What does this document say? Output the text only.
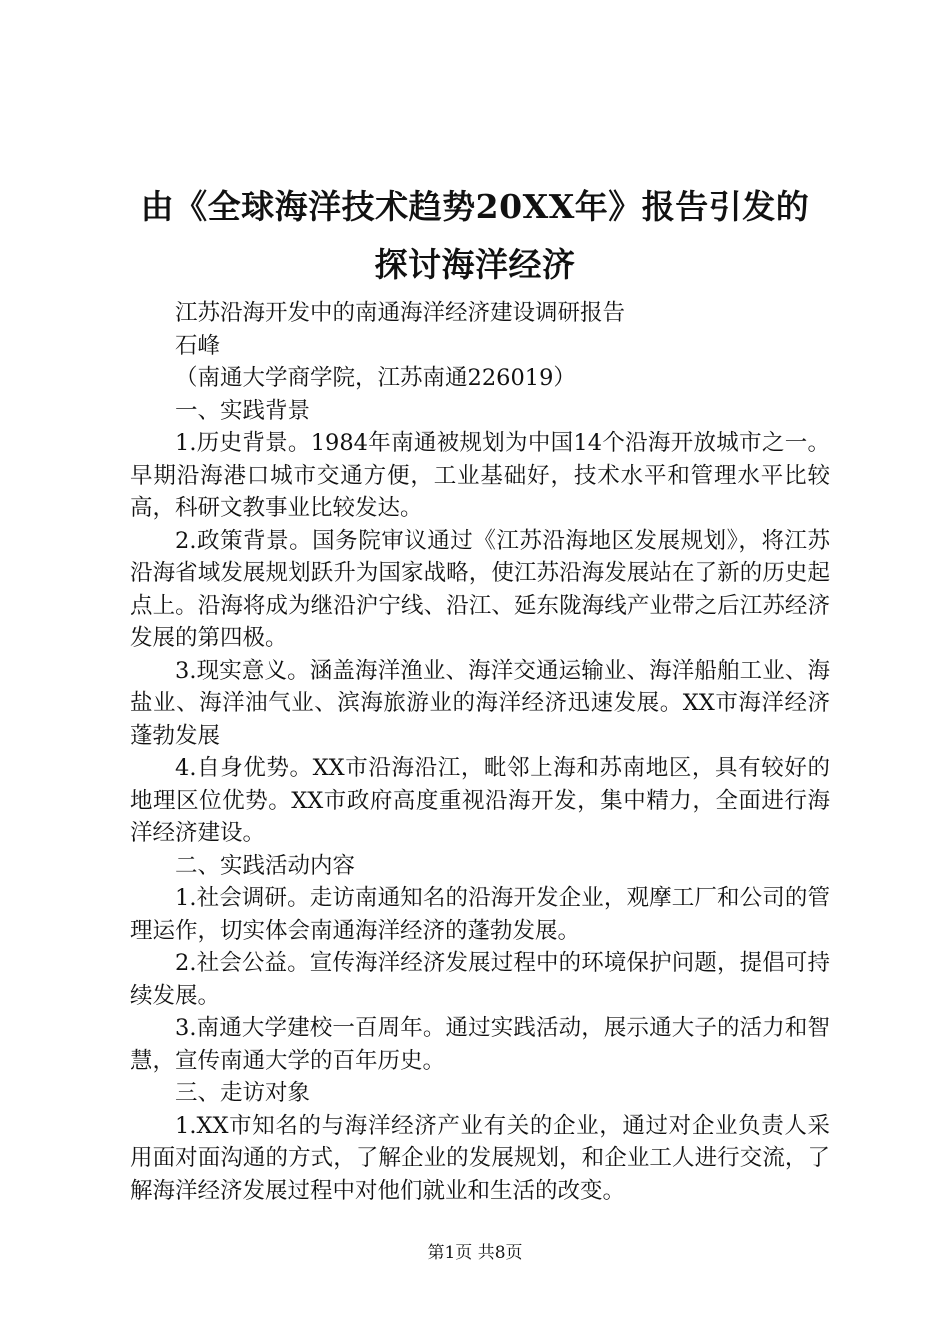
由《全球海洋技术趋势20XX年》报告引发的
探讨海洋经济

江苏沿海开发中的南通海洋经济建设调研报告

石峰

（南通大学商学院，江苏南通226019）

一、实践背景

1.历史背景。1984年南通被规划为中国14个沿海开放城市之一。早期沿海港口城市交通方便，工业基础好，技术水平和管理水平比较高，科研文教事业比较发达。

2.政策背景。国务院审议通过《江苏沿海地区发展规划》，将江苏沿海省域发展规划跃升为国家战略，使江苏沿海发展站在了新的历史起点上。沿海将成为继沿沪宁线、沿江、延东陇海线产业带之后江苏经济发展的第四极。

3.现实意义。涵盖海洋渔业、海洋交通运输业、海洋船舶工业、海盐业、海洋油气业、滨海旅游业的海洋经济迅速发展。XX市海洋经济蓬勃发展

4.自身优势。XX市沿海沿江，毗邻上海和苏南地区，具有较好的地理区位优势。XX市政府高度重视沿海开发，集中精力，全面进行海洋经济建设。

二、实践活动内容

1.社会调研。走访南通知名的沿海开发企业，观摩工厂和公司的管理运作，切实体会南通海洋经济的蓬勃发展。

2.社会公益。宣传海洋经济发展过程中的环境保护问题，提倡可持续发展。

3.南通大学建校一百周年。通过实践活动，展示通大子的活力和智慧，宣传南通大学的百年历史。

三、走访对象

1.XX市知名的与海洋经济产业有关的企业，通过对企业负责人采用面对面沟通的方式，了解企业的发展规划，和企业工人进行交流，了解海洋经济发展过程中对他们就业和生活的改变。

第1页 共8页
